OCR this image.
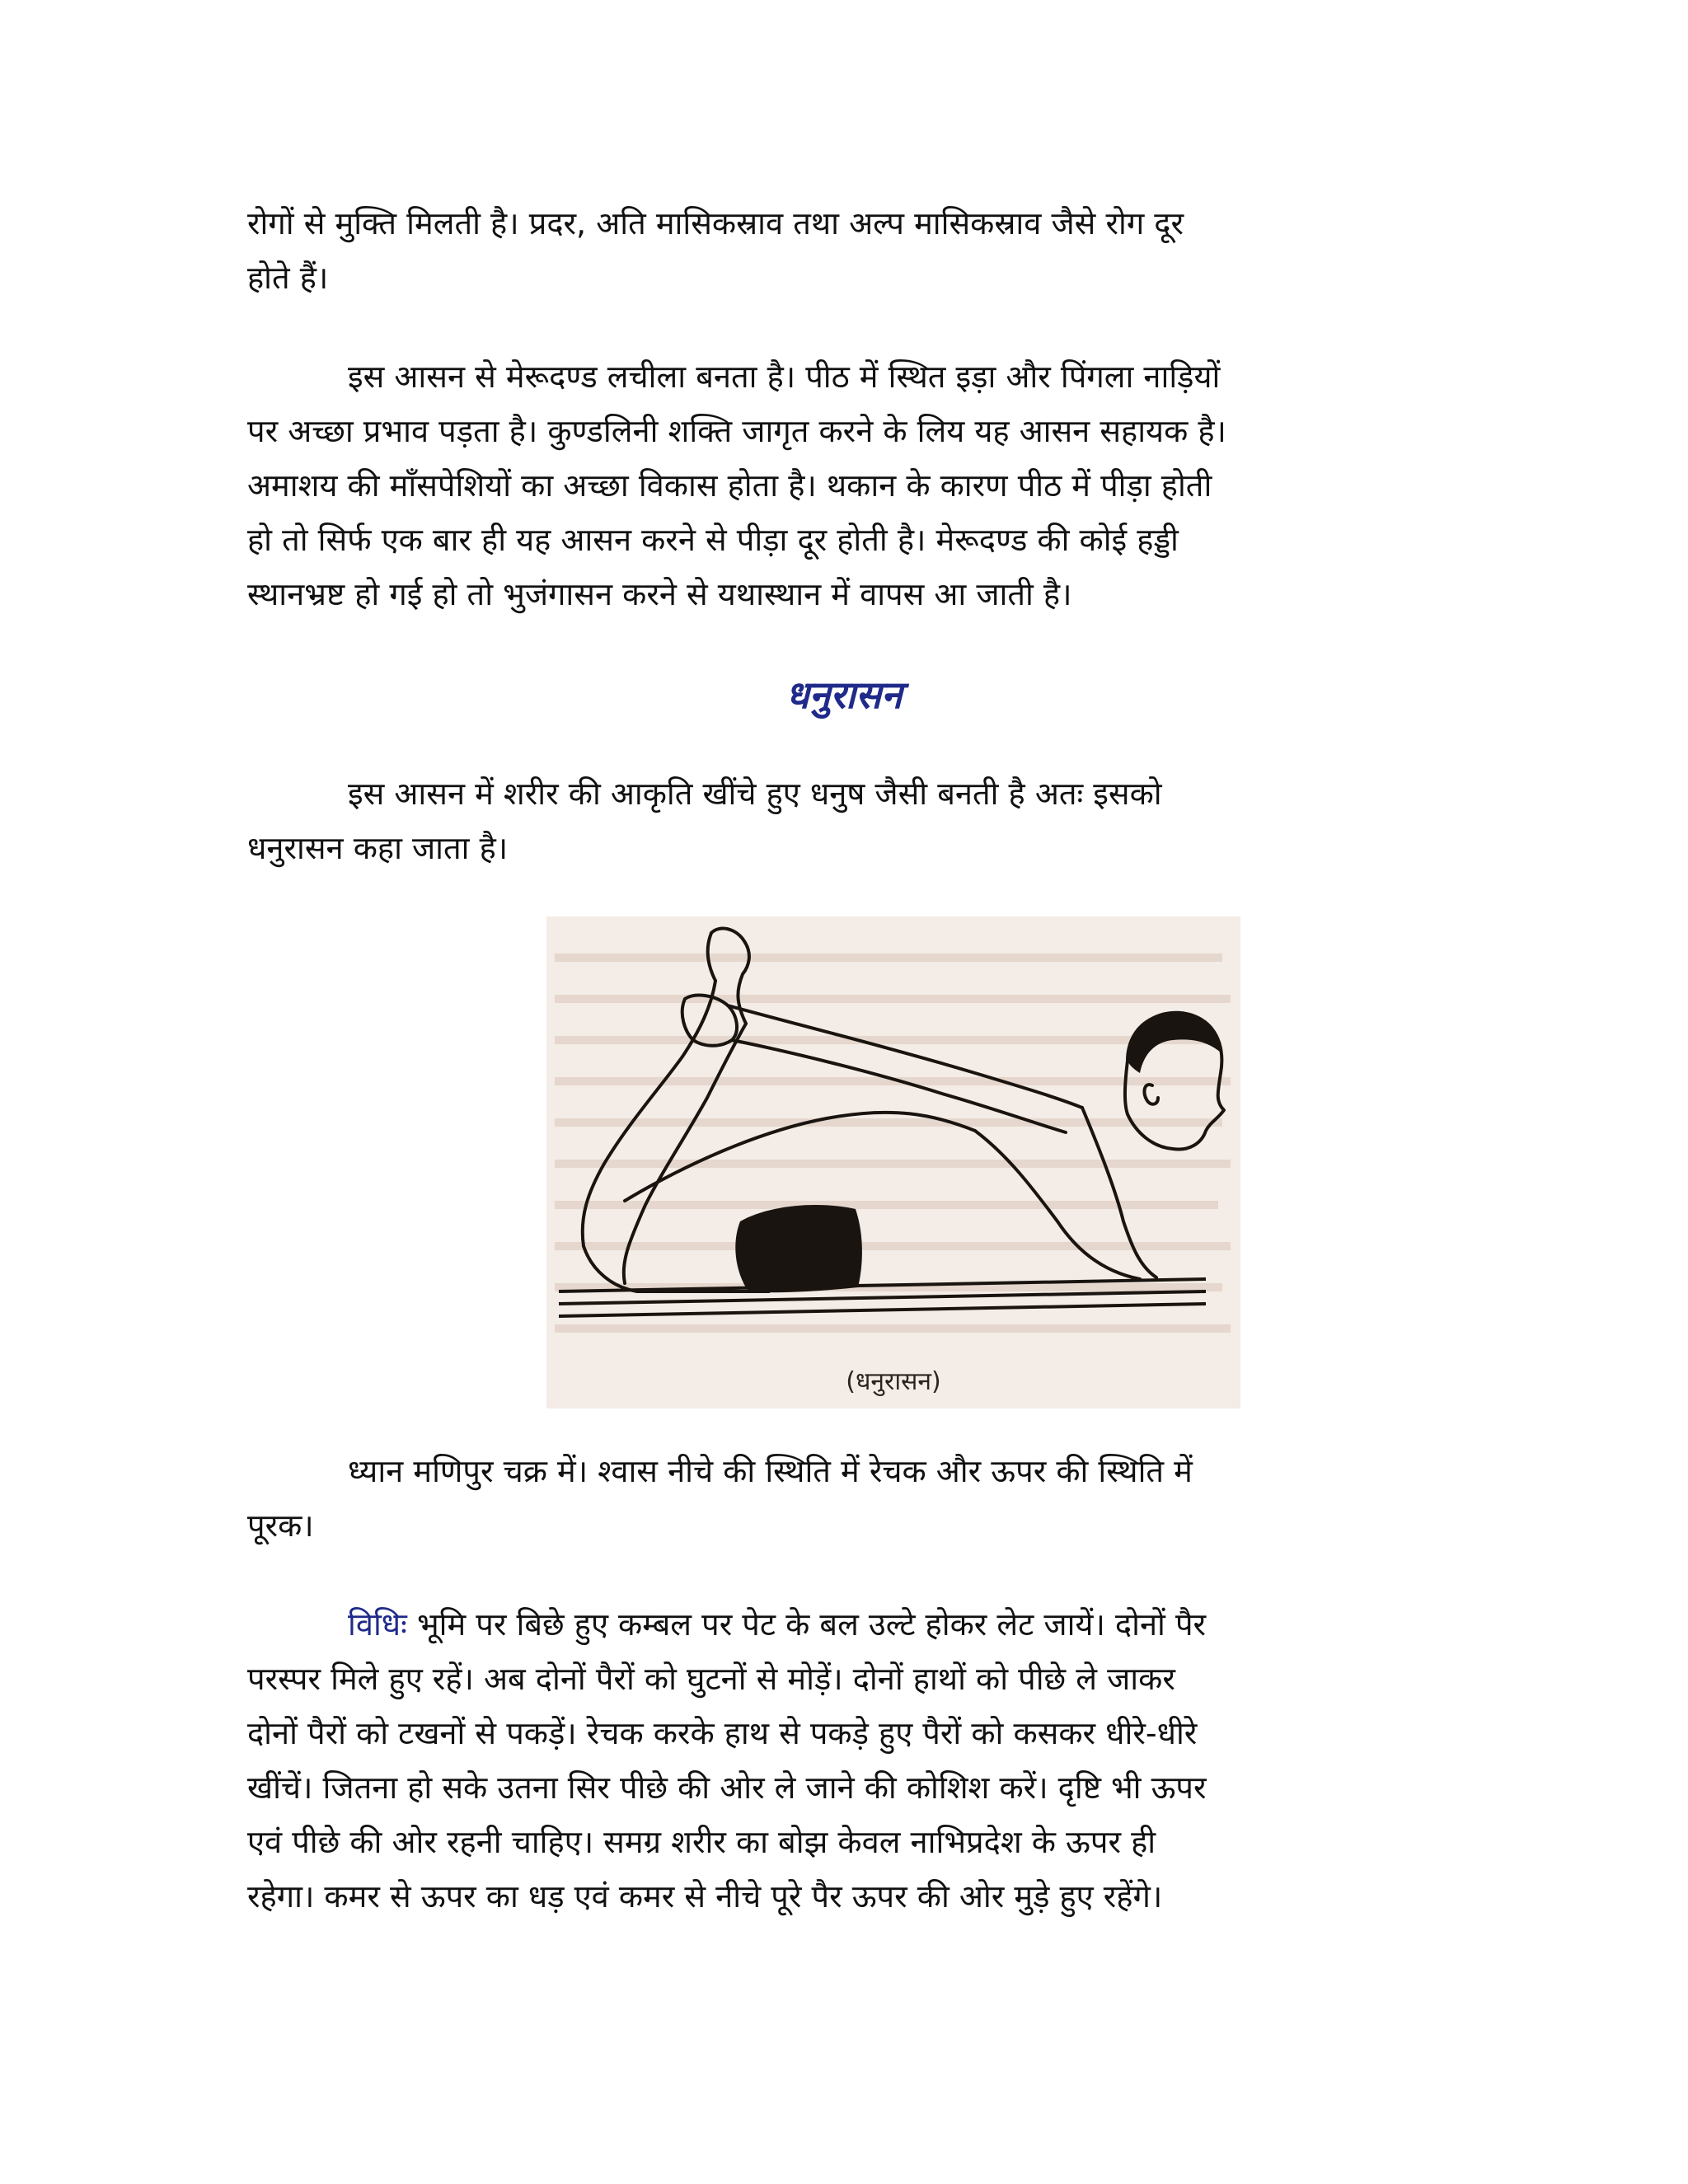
रोगों से मुक्ति मिलती है। प्रदर, अति मासिकस्राव तथा अल्प मासिकस्राव जैसे रोग दूर
होते हैं।

इस आसन से मेरूदण्ड लचीला बनता है। पीठ में स्थित इड़ा और पिंगला नाड़ियों
पर अच्छा प्रभाव पड़ता है। कुण्डलिनी शक्ति जागृत करने के लिय यह आसन सहायक है।
अमाशय की माँसपेशियों का अच्छा विकास होता है। थकान के कारण पीठ में पीड़ा होती
हो तो सिर्फ एक बार ही यह आसन करने से पीड़ा दूर होती है। मेरूदण्ड की कोई हड्डी
स्थानभ्रष्ट हो गई हो तो भुजंगासन करने से यथास्थान में वापस आ जाती है।

धनुरासन

इस आसन में शरीर की आकृति खींचे हुए धनुष जैसी बनती है अतः इसको
धनुरासन कहा जाता है।

(धनुरासन)

ध्यान मणिपुर चक्र में। श्वास नीचे की स्थिति में रेचक और ऊपर की स्थिति में
पूरक।

विधिः भूमि पर बिछे हुए कम्बल पर पेट के बल उल्टे होकर लेट जायें। दोनों पैर
परस्पर मिले हुए रहें। अब दोनों पैरों को घुटनों से मोड़ें। दोनों हाथों को पीछे ले जाकर
दोनों पैरों को टखनों से पकड़ें। रेचक करके हाथ से पकड़े हुए पैरों को कसकर धीरे-धीरे
खींचें। जितना हो सके उतना सिर पीछे की ओर ले जाने की कोशिश करें। दृष्टि भी ऊपर
एवं पीछे की ओर रहनी चाहिए। समग्र शरीर का बोझ केवल नाभिप्रदेश के ऊपर ही
रहेगा। कमर से ऊपर का धड़ एवं कमर से नीचे पूरे पैर ऊपर की ओर मुड़े हुए रहेंगे।
